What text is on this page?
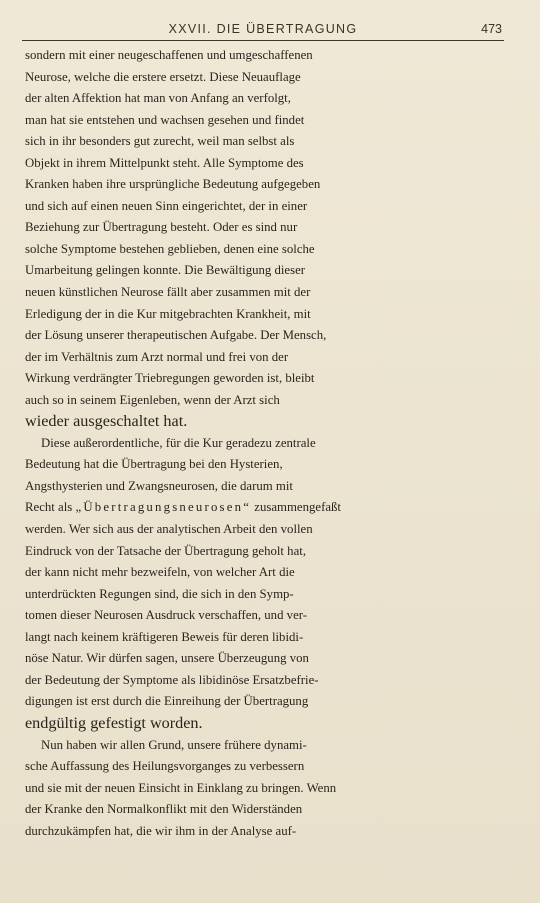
XXVII. DIE ÜBERTRAGUNG	473
sondern mit einer neugeschaffenen und umgeschaffenen
Neurose, welche die erstere ersetzt. Diese Neuauflage
der alten Affektion hat man von Anfang an verfolgt,
man hat sie entstehen und wachsen gesehen und findet
sich in ihr besonders gut zurecht, weil man selbst als
Objekt in ihrem Mittelpunkt steht. Alle Symptome des
Kranken haben ihre ursprüngliche Bedeutung aufgegeben
und sich auf einen neuen Sinn eingerichtet, der in einer
Beziehung zur Übertragung besteht. Oder es sind nur
solche Symptome bestehen geblieben, denen eine solche
Umarbeitung gelingen konnte. Die Bewältigung dieser
neuen künstlichen Neurose fällt aber zusammen mit der
Erledigung der in die Kur mitgebrachten Krankheit, mit
der Lösung unserer therapeutischen Aufgabe. Der Mensch,
der im Verhältnis zum Arzt normal und frei von der
Wirkung verdrängter Triebregungen geworden ist, bleibt
auch so in seinem Eigenleben, wenn der Arzt sich
wieder ausgeschaltet hat.
Diese außerordentliche, für die Kur geradezu zentrale
Bedeutung hat die Übertragung bei den Hysterien,
Angsthysterien und Zwangsneurosen, die darum mit
Recht als „Übertragungsneurosen“ zusammengefaßt
werden. Wer sich aus der analytischen Arbeit den vollen
Eindruck von der Tatsache der Übertragung geholt hat,
der kann nicht mehr bezweifeln, von welcher Art die
unterdrückten Regungen sind, die sich in den Symp-
tomen dieser Neurosen Ausdruck verschaffen, und ver-
langt nach keinem kräftigeren Beweis für deren libidi-
nöse Natur. Wir dürfen sagen, unsere Überzeugung von
der Bedeutung der Symptome als libidinöse Ersatzbefrie-
digungen ist erst durch die Einreihung der Übertragung
endgültig gefestigt worden.
Nun haben wir allen Grund, unsere frühere dynami-
sche Auffassung des Heilungsvorganges zu verbessern
und sie mit der neuen Einsicht in Einklang zu bringen. Wenn
der Kranke den Normalkonflikt mit den Widerständen
durchzukämpfen hat, die wir ihm in der Analyse auf-
